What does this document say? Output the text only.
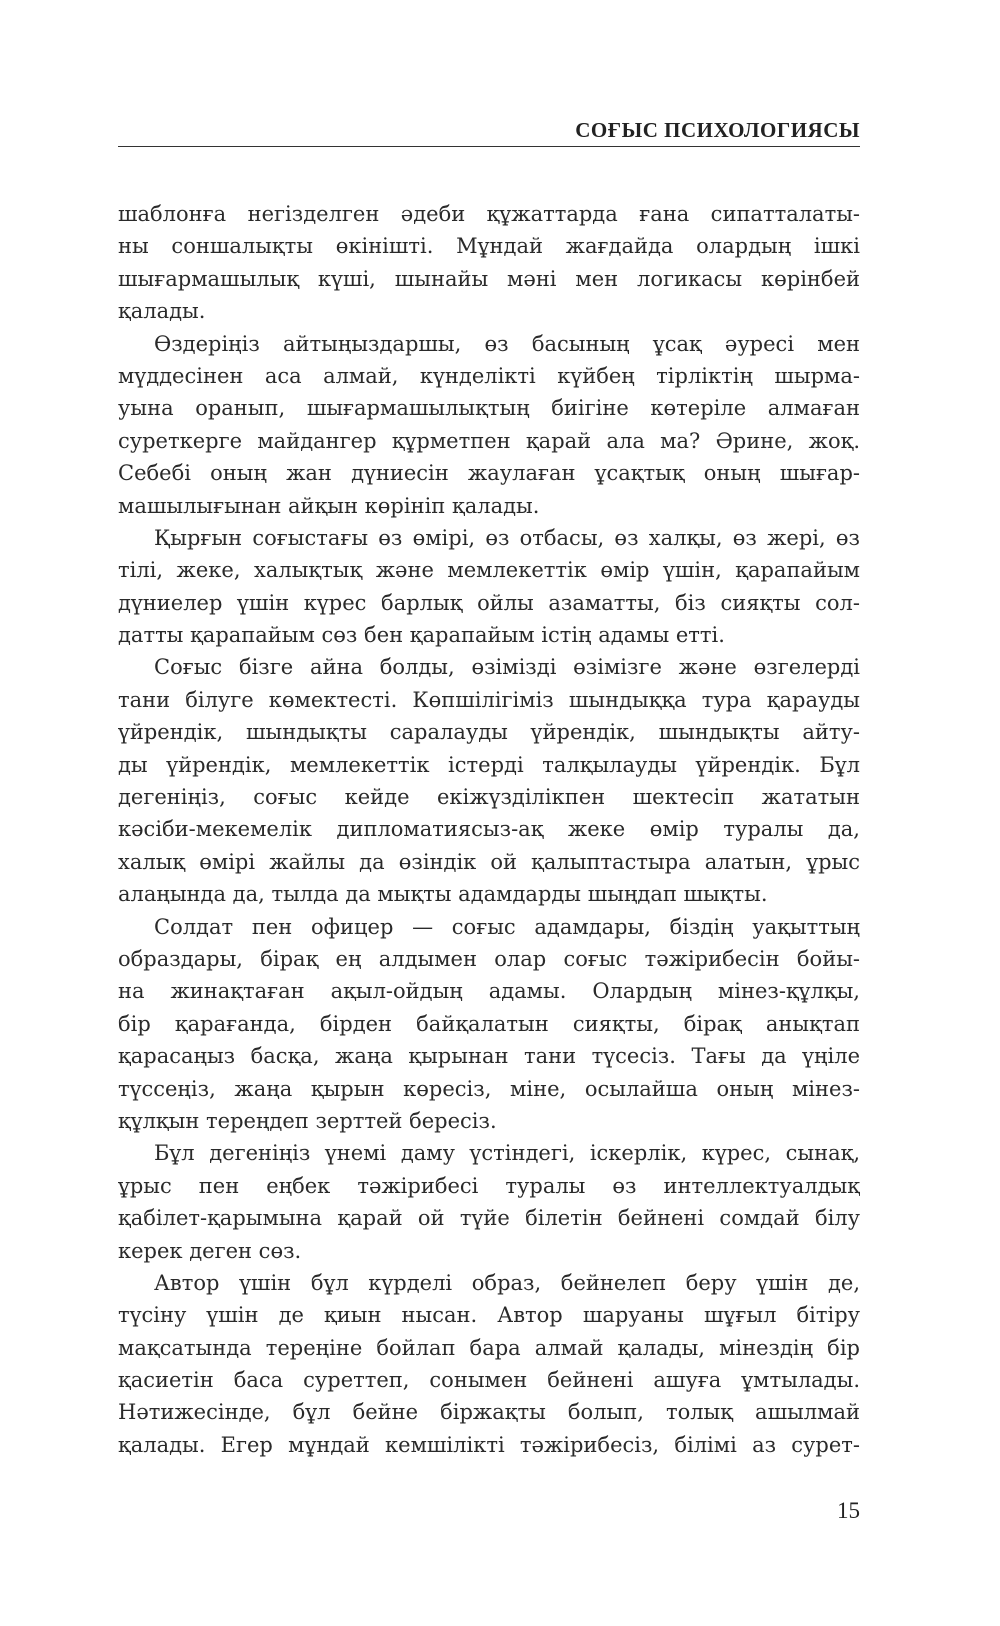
СОҒЫС ПСИХОЛОГИЯСЫ
шаблонға негізделген әдеби құжаттарда ғана сипатталаты-
ны соншалықты өкінішті. Мұндай жағдайда олардың ішкі
шығармашылық күші, шынайы мәні мен логикасы көрінбей
қалады.
Өздеріңіз айтыңыздаршы, өз басының ұсақ әуресі мен
мүддесінен аса алмай, күнделікті күйбең тірліктің шырма-
уына оранып, шығармашылықтың биігіне көтеріле алмаған
суреткерге майдангер құрметпен қарай ала ма? Әрине, жоқ.
Себебі оның жан дүниесін жаулаған ұсақтық оның шығар-
машылығынан айқын көрініп қалады.
Қырғын соғыстағы өз өмірі, өз отбасы, өз халқы, өз жері, өз
тілі, жеке, халықтық және мемлекеттік өмір үшін, қарапайым
дүниелер үшін күрес барлық ойлы азаматты, біз сияқты сол-
датты қарапайым сөз бен қарапайым істің адамы етті.
Соғыс бізге айна болды, өзімізді өзімізге және өзгелерді
тани білуге көмектесті. Көпшілігіміз шындыққа тура қарауды
үйрендік, шындықты саралауды үйрендік, шындықты айту-
ды үйрендік, мемлекеттік істерді талқылауды үйрендік. Бұл
дегеніңіз, соғыс кейде екіжүзділікпен шектесіп жататын
кәсіби-мекемелік дипломатиясыз-ақ жеке өмір туралы да,
халық өмірі жайлы да өзіндік ой қалыптастыра алатын, ұрыс
алаңында да, тылда да мықты адамдарды шыңдап шықты.
Солдат пен офицер — соғыс адамдары, біздің уақыттың
образдары, бірақ ең алдымен олар соғыс тәжірибесін бойы-
на жинақтаған ақыл-ойдың адамы. Олардың мінез-құлқы,
бір қарағанда, бірден байқалатын сияқты, бірақ анықтап
қарасаңыз басқа, жаңа қырынан тани түсесіз. Тағы да үңіле
түссеңіз, жаңа қырын көресіз, міне, осылайша оның мінез-
құлқын тереңдеп зерттей бересіз.
Бұл дегеніңіз үнемі даму үстіндегі, іскерлік, күрес, сынақ,
ұрыс пен еңбек тәжірибесі туралы өз интеллектуалдық
қабілет-қарымына қарай ой түйе білетін бейнені сомдай білу
керек деген сөз.
Автор үшін бұл күрделі образ, бейнелеп беру үшін де,
түсіну үшін де қиын нысан. Автор шаруаны шұғыл бітіру
мақсатында тереңіне бойлап бара алмай қалады, мінездің бір
қасиетін баса суреттеп, сонымен бейнені ашуға ұмтылады.
Нәтижесінде, бұл бейне біржақты болып, толық ашылмай
қалады. Егер мұндай кемшілікті тәжірибесіз, білімі аз сурет-
15
